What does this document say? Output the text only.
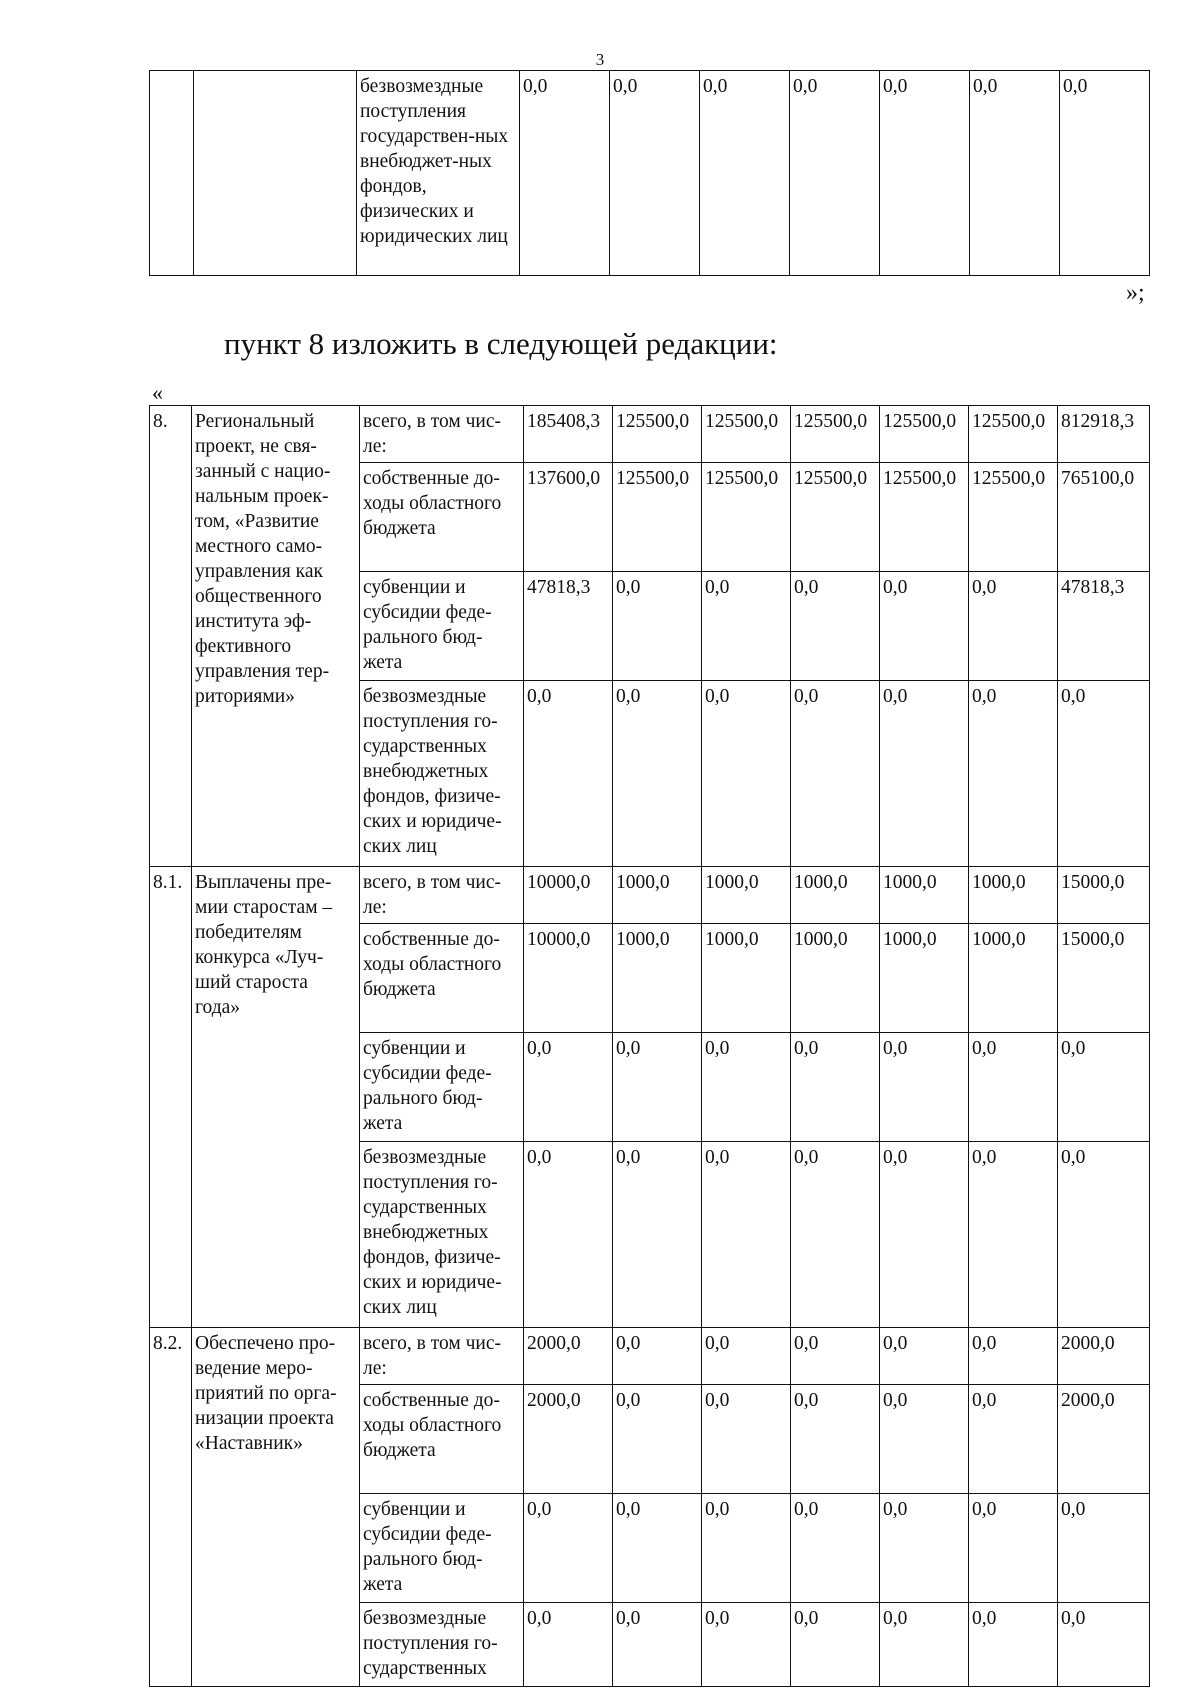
3
		безвозмездные поступления государствен-ных внебюджет-ных фондов, физических и юридических лиц	0,0	0,0	0,0	0,0	0,0	0,0	0,0
»;
пункт 8 изложить в следующей редакции:
«
8.	Региональный проект, не свя-занный с нацио-нальным проек-том, «Развитие местного само-управления как общественного института эф-фективного управления тер-риториями»	всего, в том чис-ле:	185408,3	125500,0	125500,0	125500,0	125500,0	125500,0	812918,3
		собственные до-ходы областного бюджета	137600,0	125500,0	125500,0	125500,0	125500,0	125500,0	765100,0
		субвенции и субсидии феде-рального бюд-жета	47818,3	0,0	0,0	0,0	0,0	0,0	47818,3
		безвозмездные поступления го-сударственных внебюджетных фондов, физиче-ских и юридиче-ских лиц	0,0	0,0	0,0	0,0	0,0	0,0	0,0
8.1.	Выплачены пре-мии старостам – победителям конкурса «Луч-ший староста года»	всего, в том чис-ле:	10000,0	1000,0	1000,0	1000,0	1000,0	1000,0	15000,0
		собственные до-ходы областного бюджета	10000,0	1000,0	1000,0	1000,0	1000,0	1000,0	15000,0
		субвенции и субсидии феде-рального бюд-жета	0,0	0,0	0,0	0,0	0,0	0,0	0,0
		безвозмездные поступления го-сударственных внебюджетных фондов, физиче-ских и юридиче-ских лиц	0,0	0,0	0,0	0,0	0,0	0,0	0,0
8.2.	Обеспечено про-ведение меро-приятий по орга-низации проекта «Наставник»	всего, в том чис-ле:	2000,0	0,0	0,0	0,0	0,0	0,0	2000,0
		собственные до-ходы областного бюджета	2000,0	0,0	0,0	0,0	0,0	0,0	2000,0
		субвенции и субсидии феде-рального бюд-жета	0,0	0,0	0,0	0,0	0,0	0,0	0,0
		безвозмездные поступления го-сударственных	0,0	0,0	0,0	0,0	0,0	0,0	0,0
